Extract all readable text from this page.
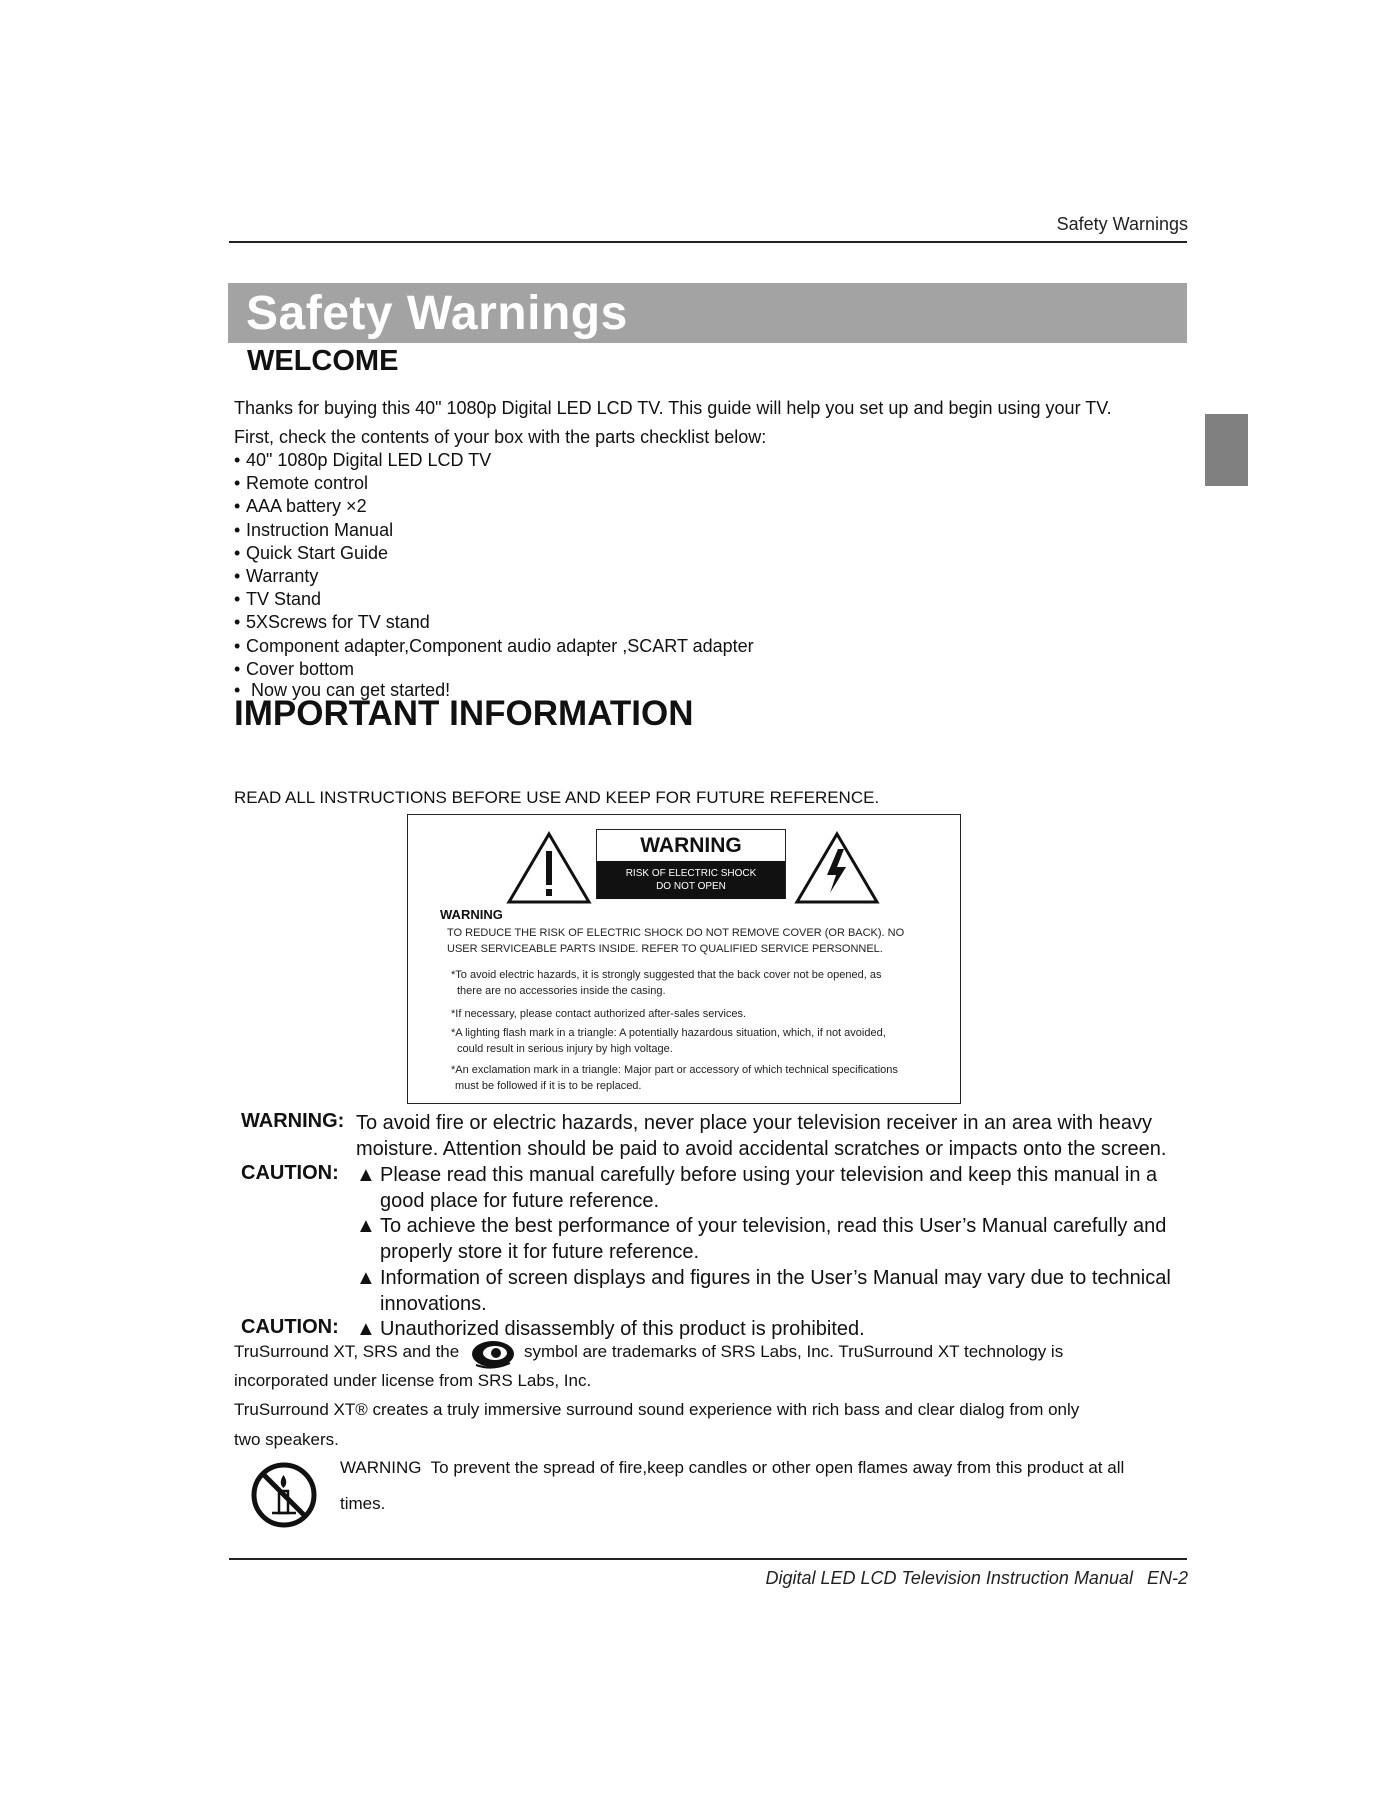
Safety Warnings
Safety Warnings
WELCOME
Thanks for buying this 40" 1080p Digital LED LCD TV. This guide will help you set up and begin using your TV.
First, check the contents of your box with the parts checklist below:
• 40" 1080p Digital LED LCD TV
• Remote control
• AAA battery ×2
• Instruction Manual
• Quick Start Guide
• Warranty
• TV Stand
• 5XScrews for TV stand
• Component adapter,Component audio adapter ,SCART adapter
• Cover bottom
• Now you can get started!
IMPORTANT INFORMATION
READ ALL INSTRUCTIONS BEFORE USE AND KEEP FOR FUTURE REFERENCE.
WARNING
RISK OF ELECTRIC SHOCK
DO NOT OPEN
WARNING
TO REDUCE THE RISK OF ELECTRIC SHOCK DO NOT REMOVE COVER (OR BACK). NO
USER SERVICEABLE PARTS INSIDE. REFER TO QUALIFIED SERVICE PERSONNEL.
*To avoid electric hazards, it is strongly suggested that the back cover not be opened, as
there are no accessories inside the casing.
*If necessary, please contact authorized after-sales services.
*A lighting flash mark in a triangle: A potentially hazardous situation, which, if not avoided,
could result in serious injury by high voltage.
*An exclamation mark in a triangle: Major part or accessory of which technical specifications
must be followed if it is to be replaced.
WARNING: To avoid fire or electric hazards, never place your television receiver in an area with heavy
moisture. Attention should be paid to avoid accidental scratches or impacts onto the screen.
CAUTION: ▲ Please read this manual carefully before using your television and keep this manual in a
good place for future reference.
▲ To achieve the best performance of your television, read this User’s Manual carefully and
properly store it for future reference.
▲ Information of screen displays and figures in the User’s Manual may vary due to technical
innovations.
CAUTION: ▲ Unauthorized disassembly of this product is prohibited.
TruSurround XT, SRS and the	symbol are trademarks of SRS Labs, Inc. TruSurround XT technology is
incorporated under license from SRS Labs, Inc.
TruSurround XT® creates a truly immersive surround sound experience with rich bass and clear dialog from only
two speakers.
WARNING  To prevent the spread of fire,keep candles or other open flames away from this product at all
times.
Digital LED LCD Television Instruction Manual EN-2
